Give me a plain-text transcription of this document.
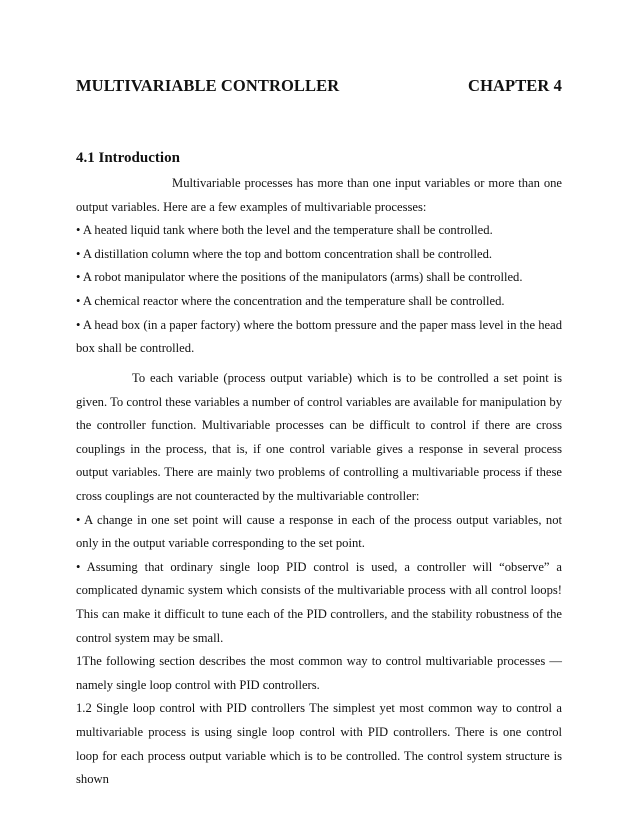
MULTIVARIABLE CONTROLLER	CHAPTER 4
4.1 Introduction

Multivariable processes has more than one input variables or more than one output variables. Here are a few examples of multivariable processes:

• A heated liquid tank where both the level and the temperature shall be controlled.

• A distillation column where the top and bottom concentration shall be controlled.

• A robot manipulator where the positions of the manipulators (arms) shall be controlled.

• A chemical reactor where the concentration and the temperature shall be controlled.

• A head box (in a paper factory) where the bottom pressure and the paper mass level in the head box shall be controlled.

To each variable (process output variable) which is to be controlled a set point is given. To control these variables a number of control variables are available for manipulation by the controller function. Multivariable processes can be difficult to control if there are cross couplings in the process, that is, if one control variable gives a response in several process output variables. There are mainly two problems of controlling a multivariable process if these cross couplings are not counteracted by the multivariable controller:

• A change in one set point will cause a response in each of the process output variables, not only in the output variable corresponding to the set point.

• Assuming that ordinary single loop PID control is used, a controller will “observe” a complicated dynamic system which consists of the multivariable process with all control loops! This can make it difficult to tune each of the PID controllers, and the stability robustness of the control system may be small.

1The following section describes the most common way to control multivariable processes — namely single loop control with PID controllers.

1.2 Single loop control with PID controllers The simplest yet most common way to control a multivariable process is using single loop control with PID controllers. There is one control loop for each process output variable which is to be controlled. The control system structure is shown
